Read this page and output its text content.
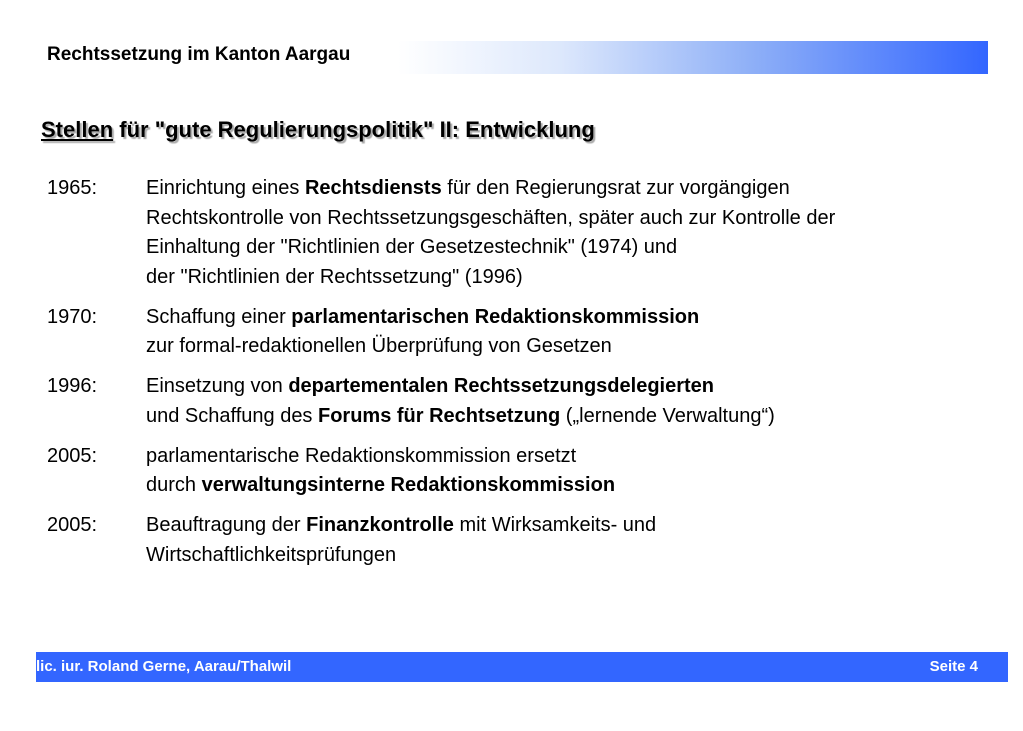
Rechtssetzung im Kanton Aargau
Stellen für "gute Regulierungspolitik" II: Entwicklung
1965: Einrichtung eines Rechtsdiensts für den Regierungsrat zur vorgängigen
Rechtskontrolle von Rechtssetzungsgeschäften, später auch zur Kontrolle der
Einhaltung der "Richtlinien der Gesetzestechnik" (1974) und
der "Richtlinien der Rechtssetzung" (1996)
1970: Schaffung einer parlamentarischen Redaktionskommission
zur formal-redaktionellen Überprüfung von Gesetzen
1996: Einsetzung von departementalen Rechtssetzungsdelegierten
und Schaffung des Forums für Rechtsetzung („lernende Verwaltung“)
2005: parlamentarische Redaktionskommission ersetzt
durch verwaltungsinterne Redaktionskommission
2005: Beauftragung der Finanzkontrolle mit Wirksamkeits- und
Wirtschaftlichkeitsprüfungen
lic. iur. Roland Gerne, Aarau/Thalwil	Seite 4
